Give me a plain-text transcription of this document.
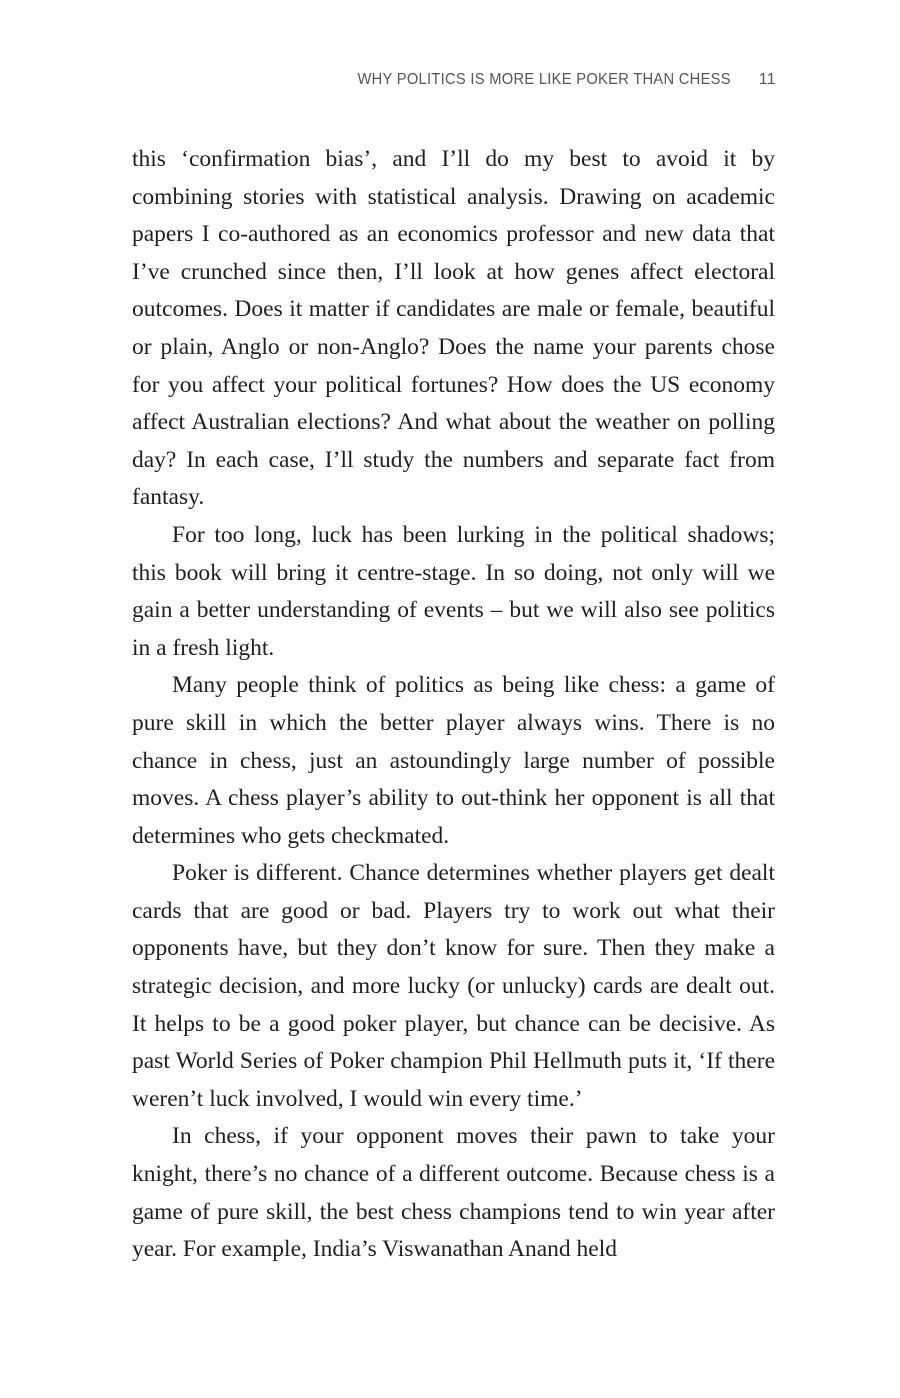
WHY POLITICS IS MORE LIKE POKER THAN CHESS 11

this ‘confirmation bias’, and I’ll do my best to avoid it by combining stories with statistical analysis. Drawing on academic papers I co-authored as an economics professor and new data that I’ve crunched since then, I’ll look at how genes affect electoral outcomes. Does it matter if candidates are male or female, beautiful or plain, Anglo or non-Anglo? Does the name your parents chose for you affect your political fortunes? How does the US economy affect Australian elections? And what about the weather on polling day? In each case, I’ll study the numbers and separate fact from fantasy.

For too long, luck has been lurking in the political shadows; this book will bring it centre-stage. In so doing, not only will we gain a better understanding of events – but we will also see politics in a fresh light.

Many people think of politics as being like chess: a game of pure skill in which the better player always wins. There is no chance in chess, just an astoundingly large number of possible moves. A chess player’s ability to out-think her opponent is all that determines who gets checkmated.

Poker is different. Chance determines whether players get dealt cards that are good or bad. Players try to work out what their opponents have, but they don’t know for sure. Then they make a strategic decision, and more lucky (or unlucky) cards are dealt out. It helps to be a good poker player, but chance can be decisive. As past World Series of Poker champion Phil Hellmuth puts it, ‘If there weren’t luck involved, I would win every time.’

In chess, if your opponent moves their pawn to take your knight, there’s no chance of a different outcome. Because chess is a game of pure skill, the best chess champions tend to win year after year. For example, India’s Viswanathan Anand held
